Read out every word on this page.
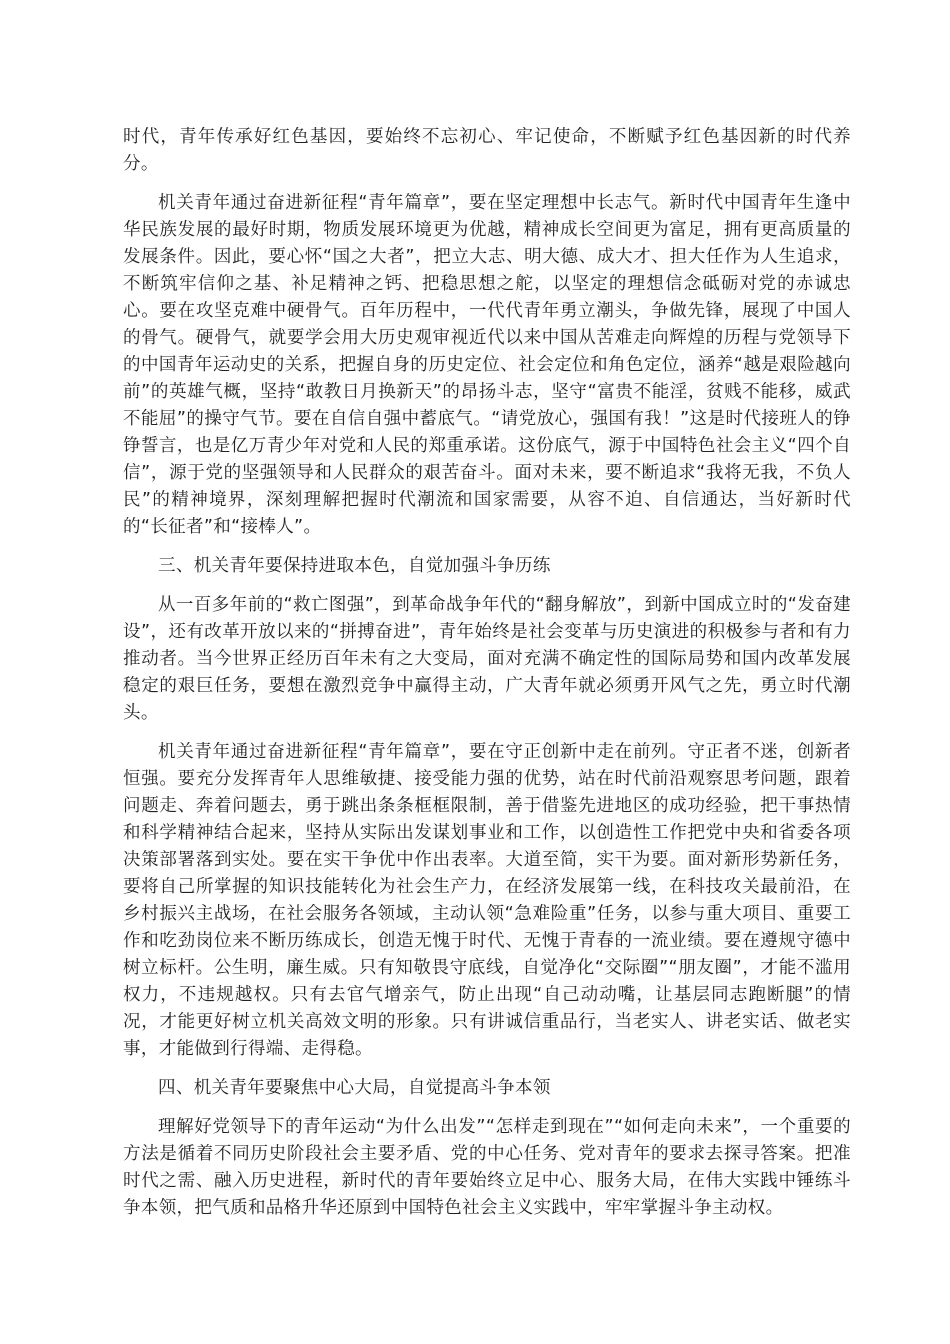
时代，青年传承好红色基因，要始终不忘初心、牢记使命，不断赋予红色基因新的时代养分。

机关青年通过奋进新征程“青年篇章”，要在坚定理想中长志气。新时代中国青年生逢中华民族发展的最好时期，物质发展环境更为优越，精神成长空间更为富足，拥有更高质量的发展条件。因此，要心怀“国之大者”，把立大志、明大德、成大才、担大任作为人生追求，不断筑牢信仰之基、补足精神之钙、把稳思想之舵，以坚定的理想信念砥砺对党的赤诚忠心。要在攻坚克难中硬骨气。百年历程中，一代代青年勇立潮头，争做先锋，展现了中国人的骨气。硬骨气，就要学会用大历史观审视近代以来中国从苦难走向辉煌的历程与党领导下的中国青年运动史的关系，把握自身的历史定位、社会定位和角色定位，涵养“越是艰险越向前”的英雄气概，坚持“敢教日月换新天”的昂扬斗志，坚守“富贵不能淫，贫贱不能移，威武不能屈”的操守气节。要在自信自强中蓄底气。“请党放心，强国有我！”这是时代接班人的铮铮誓言，也是亿万青少年对党和人民的郑重承诺。这份底气，源于中国特色社会主义“四个自信”，源于党的坚强领导和人民群众的艰苦奋斗。面对未来，要不断追求“我将无我，不负人民”的精神境界，深刻理解把握时代潮流和国家需要，从容不迫、自信通达，当好新时代的“长征者”和“接棒人”。

三、机关青年要保持进取本色，自觉加强斗争历练

从一百多年前的“救亡图强”，到革命战争年代的“翻身解放”，到新中国成立时的“发奋建设”，还有改革开放以来的“拼搏奋进”，青年始终是社会变革与历史演进的积极参与者和有力推动者。当今世界正经历百年未有之大变局，面对充满不确定性的国际局势和国内改革发展稳定的艰巨任务，要想在激烈竞争中赢得主动，广大青年就必须勇开风气之先，勇立时代潮头。

机关青年通过奋进新征程“青年篇章”，要在守正创新中走在前列。守正者不迷，创新者恒强。要充分发挥青年人思维敏捷、接受能力强的优势，站在时代前沿观察思考问题，跟着问题走、奔着问题去，勇于跳出条条框框限制，善于借鉴先进地区的成功经验，把干事热情和科学精神结合起来，坚持从实际出发谋划事业和工作，以创造性工作把党中央和省委各项决策部署落到实处。要在实干争优中作出表率。大道至简，实干为要。面对新形势新任务，要将自己所掌握的知识技能转化为社会生产力，在经济发展第一线，在科技攻关最前沿，在乡村振兴主战场，在社会服务各领域，主动认领“急难险重”任务，以参与重大项目、重要工作和吃劲岗位来不断历练成长，创造无愧于时代、无愧于青春的一流业绩。要在遵规守德中树立标杆。公生明，廉生威。只有知敬畏守底线，自觉净化“交际圈”“朋友圈”，才能不滥用权力，不违规越权。只有去官气增亲气，防止出现“自己动动嘴，让基层同志跑断腿”的情况，才能更好树立机关高效文明的形象。只有讲诚信重品行，当老实人、讲老实话、做老实事，才能做到行得端、走得稳。

四、机关青年要聚焦中心大局，自觉提高斗争本领

理解好党领导下的青年运动“为什么出发”“怎样走到现在”“如何走向未来”，一个重要的方法是循着不同历史阶段社会主要矛盾、党的中心任务、党对青年的要求去探寻答案。把准时代之需、融入历史进程，新时代的青年要始终立足中心、服务大局，在伟大实践中锤练斗争本领，把气质和品格升华还原到中国特色社会主义实践中，牢牢掌握斗争主动权。
